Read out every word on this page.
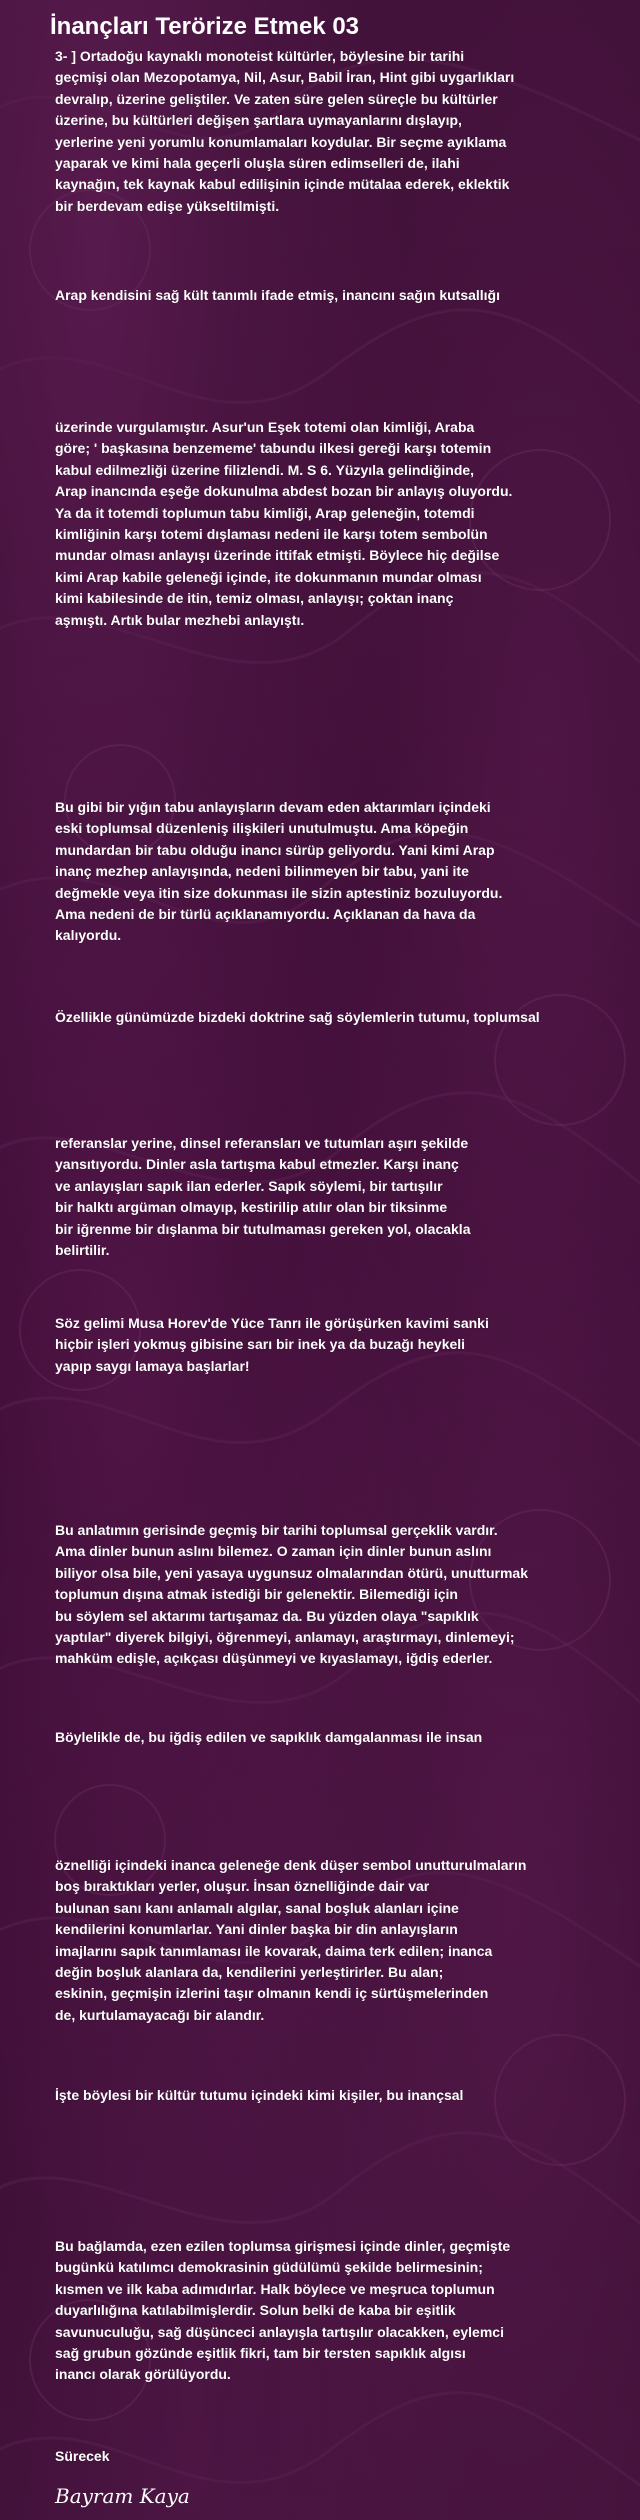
İnançları Terörize Etmek 03

3- ] Ortadoğu kaynaklı monoteist kültürler, böylesine bir tarihi
geçmişi olan Mezopotamya, Nil, Asur, Babil İran, Hint gibi uygarlıkları
devralıp, üzerine geliştiler. Ve zaten süre gelen süreçle bu kültürler
üzerine, bu kültürleri değişen şartlara uymayanlarını dışlayıp,
yerlerine yeni yorumlu konumlamaları koydular. Bir seçme ayıklama
yaparak ve kimi hala geçerli oluşla süren edimselleri de, ilahi
kaynağın, tek kaynak kabul edilişinin içinde mütalaa ederek, eklektik
bir berdevam edişe yükseltilmişti.

Arap kendisini sağ kült tanımlı ifade etmiş, inancını sağın kutsallığı

üzerinde vurgulamıştır. Asur'un Eşek totemi olan kimliği, Araba
göre; ' başkasına benzememe' tabundu ilkesi gereği karşı totemin
kabul edilmezliği üzerine filizlendi. M. S 6. Yüzyıla gelindiğinde,
Arap inancında eşeğe dokunulma abdest bozan bir anlayış oluyordu.
Ya da it totemdi toplumun tabu kimliği, Arap geleneğin, totemdi
kimliğinin karşı totemi dışlaması nedeni ile karşı totem sembolün
mundar olması anlayışı üzerinde ittifak etmişti. Böylece hiç değilse
kimi Arap kabile geleneği içinde, ite dokunmanın mundar olması
kimi kabilesinde de itin, temiz olması, anlayışı; çoktan inanç
aşmıştı. Artık bular mezhebi anlayıştı.

Bu gibi bir yığın tabu anlayışların devam eden aktarımları içindeki
eski toplumsal düzenleniş ilişkileri unutulmuştu. Ama köpeğin
mundardan bir tabu olduğu inancı sürüp geliyordu. Yani kimi Arap
inanç mezhep anlayışında, nedeni bilinmeyen bir tabu, yani ite
değmekle veya itin size dokunması ile sizin aptestiniz bozuluyordu.
Ama nedeni de bir türlü açıklanamıyordu. Açıklanan da hava da
kalıyordu.

Özellikle günümüzde bizdeki doktrine sağ söylemlerin tutumu, toplumsal

referanslar yerine, dinsel referansları ve tutumları aşırı şekilde
yansıtıyordu. Dinler asla tartışma kabul etmezler. Karşı inanç
ve anlayışları sapık ilan ederler. Sapık söylemi, bir tartışılır
bir halktı argüman olmayıp, kestirilip atılır olan bir tiksinme
bir iğrenme bir dışlanma bir tutulmaması gereken yol, olacakla
belirtilir.

Söz gelimi Musa Horev'de Yüce Tanrı ile görüşürken kavimi sanki
hiçbir işleri yokmuş gibisine sarı bir inek ya da buzağı heykeli
yapıp saygı lamaya başlarlar!

Bu anlatımın gerisinde geçmiş bir tarihi toplumsal gerçeklik vardır.
Ama dinler bunun aslını bilemez. O zaman için dinler bunun aslını
biliyor olsa bile, yeni yasaya uygunsuz olmalarından ötürü, unutturmak
toplumun dışına atmak istediği bir gelenektir. Bilemediği için
bu söylem sel aktarımı tartışamaz da. Bu yüzden olaya "sapıklık
yaptılar" diyerek bilgiyi, öğrenmeyi, anlamayı, araştırmayı, dinlemeyi;
mahküm edişle, açıkçası düşünmeyi ve kıyaslamayı, iğdiş ederler.

Böylelikle de, bu iğdiş edilen ve sapıklık damgalanması ile insan

öznelliği içindeki inanca geleneğe denk düşer sembol unutturulmaların
boş bıraktıkları yerler, oluşur. İnsan öznelliğinde dair var
bulunan sanı kanı anlamalı algılar, sanal boşluk alanları içine
kendilerini konumlarlar. Yani dinler başka bir din anlayışların
imajlarını sapık tanımlaması ile kovarak, daima terk edilen; inanca
değin boşluk alanlara da, kendilerini yerleştirirler. Bu alan;
eskinin, geçmişin izlerini taşır olmanın kendi iç sürtüşmelerinden
de, kurtulamayacağı bir alandır.

İşte böylesi bir kültür tutumu içindeki kimi kişiler, bu inançsal

Bu bağlamda, ezen ezilen toplumsa girişmesi içinde dinler, geçmişte
bugünkü katılımcı demokrasinin güdülümü şekilde belirmesinin;
kısmen ve ilk kaba adımıdırlar. Halk böylece ve meşruca toplumun
duyarlılığına katılabilmişlerdir. Solun belki de kaba bir eşitlik
savunuculuğu, sağ düşünceci anlayışla tartışılır olacakken, eylemci
sağ grubun gözünde eşitlik fikri, tam bir tersten sapıklık algısı
inancı olarak görülüyordu.

Sürecek

Bayram Kaya
